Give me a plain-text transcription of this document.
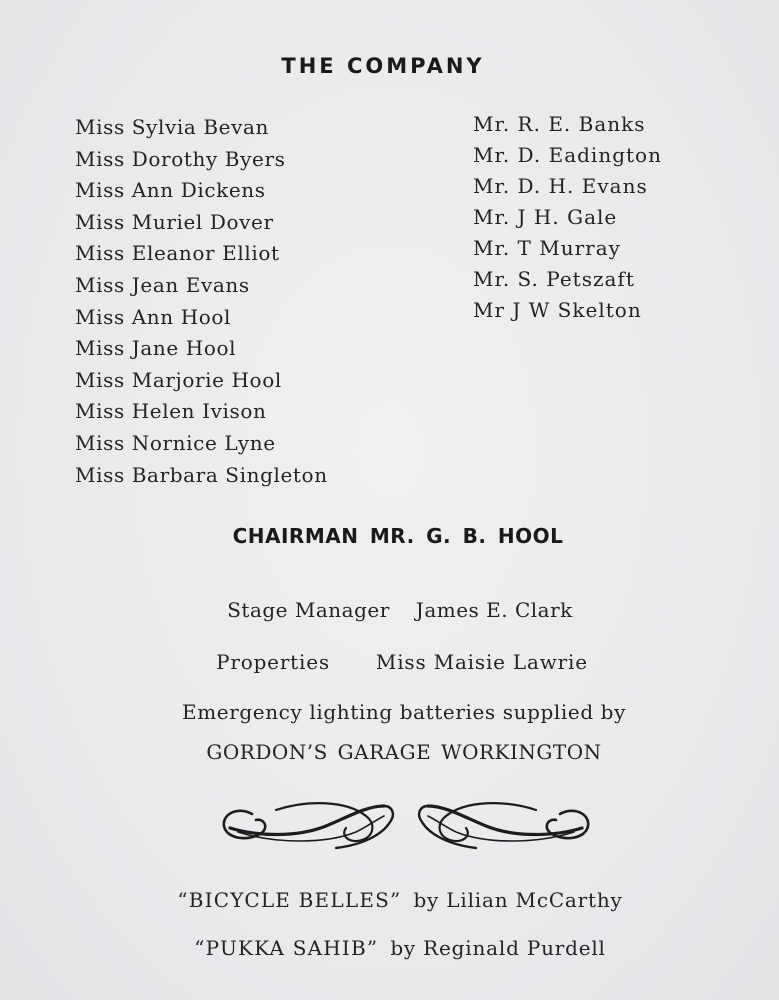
THE COMPANY
Miss Sylvia Bevan
Miss Dorothy Byers
Miss Ann Dickens
Miss Muriel Dover
Miss Eleanor Elliot
Miss Jean Evans
Miss Ann Hool
Miss Jane Hool
Miss Marjorie Hool
Miss Helen Ivison
Miss Nornice Lyne
Miss Barbara Singleton
Mr. R. E. Banks
Mr. D. Eadington
Mr. D. H. Evans
Mr. J H. Gale
Mr. T Murray
Mr. S. Petszaft
Mr J W Skelton
CHAIRMAN MR. G. B. HOOL
Stage Manager James E. Clark
Properties Miss Maisie Lawrie
Emergency lighting batteries supplied by
GORDON’S GARAGE WORKINGTON
“BICYCLE BELLES” by Lilian McCarthy
“PUKKA SAHIB” by Reginald Purdell
